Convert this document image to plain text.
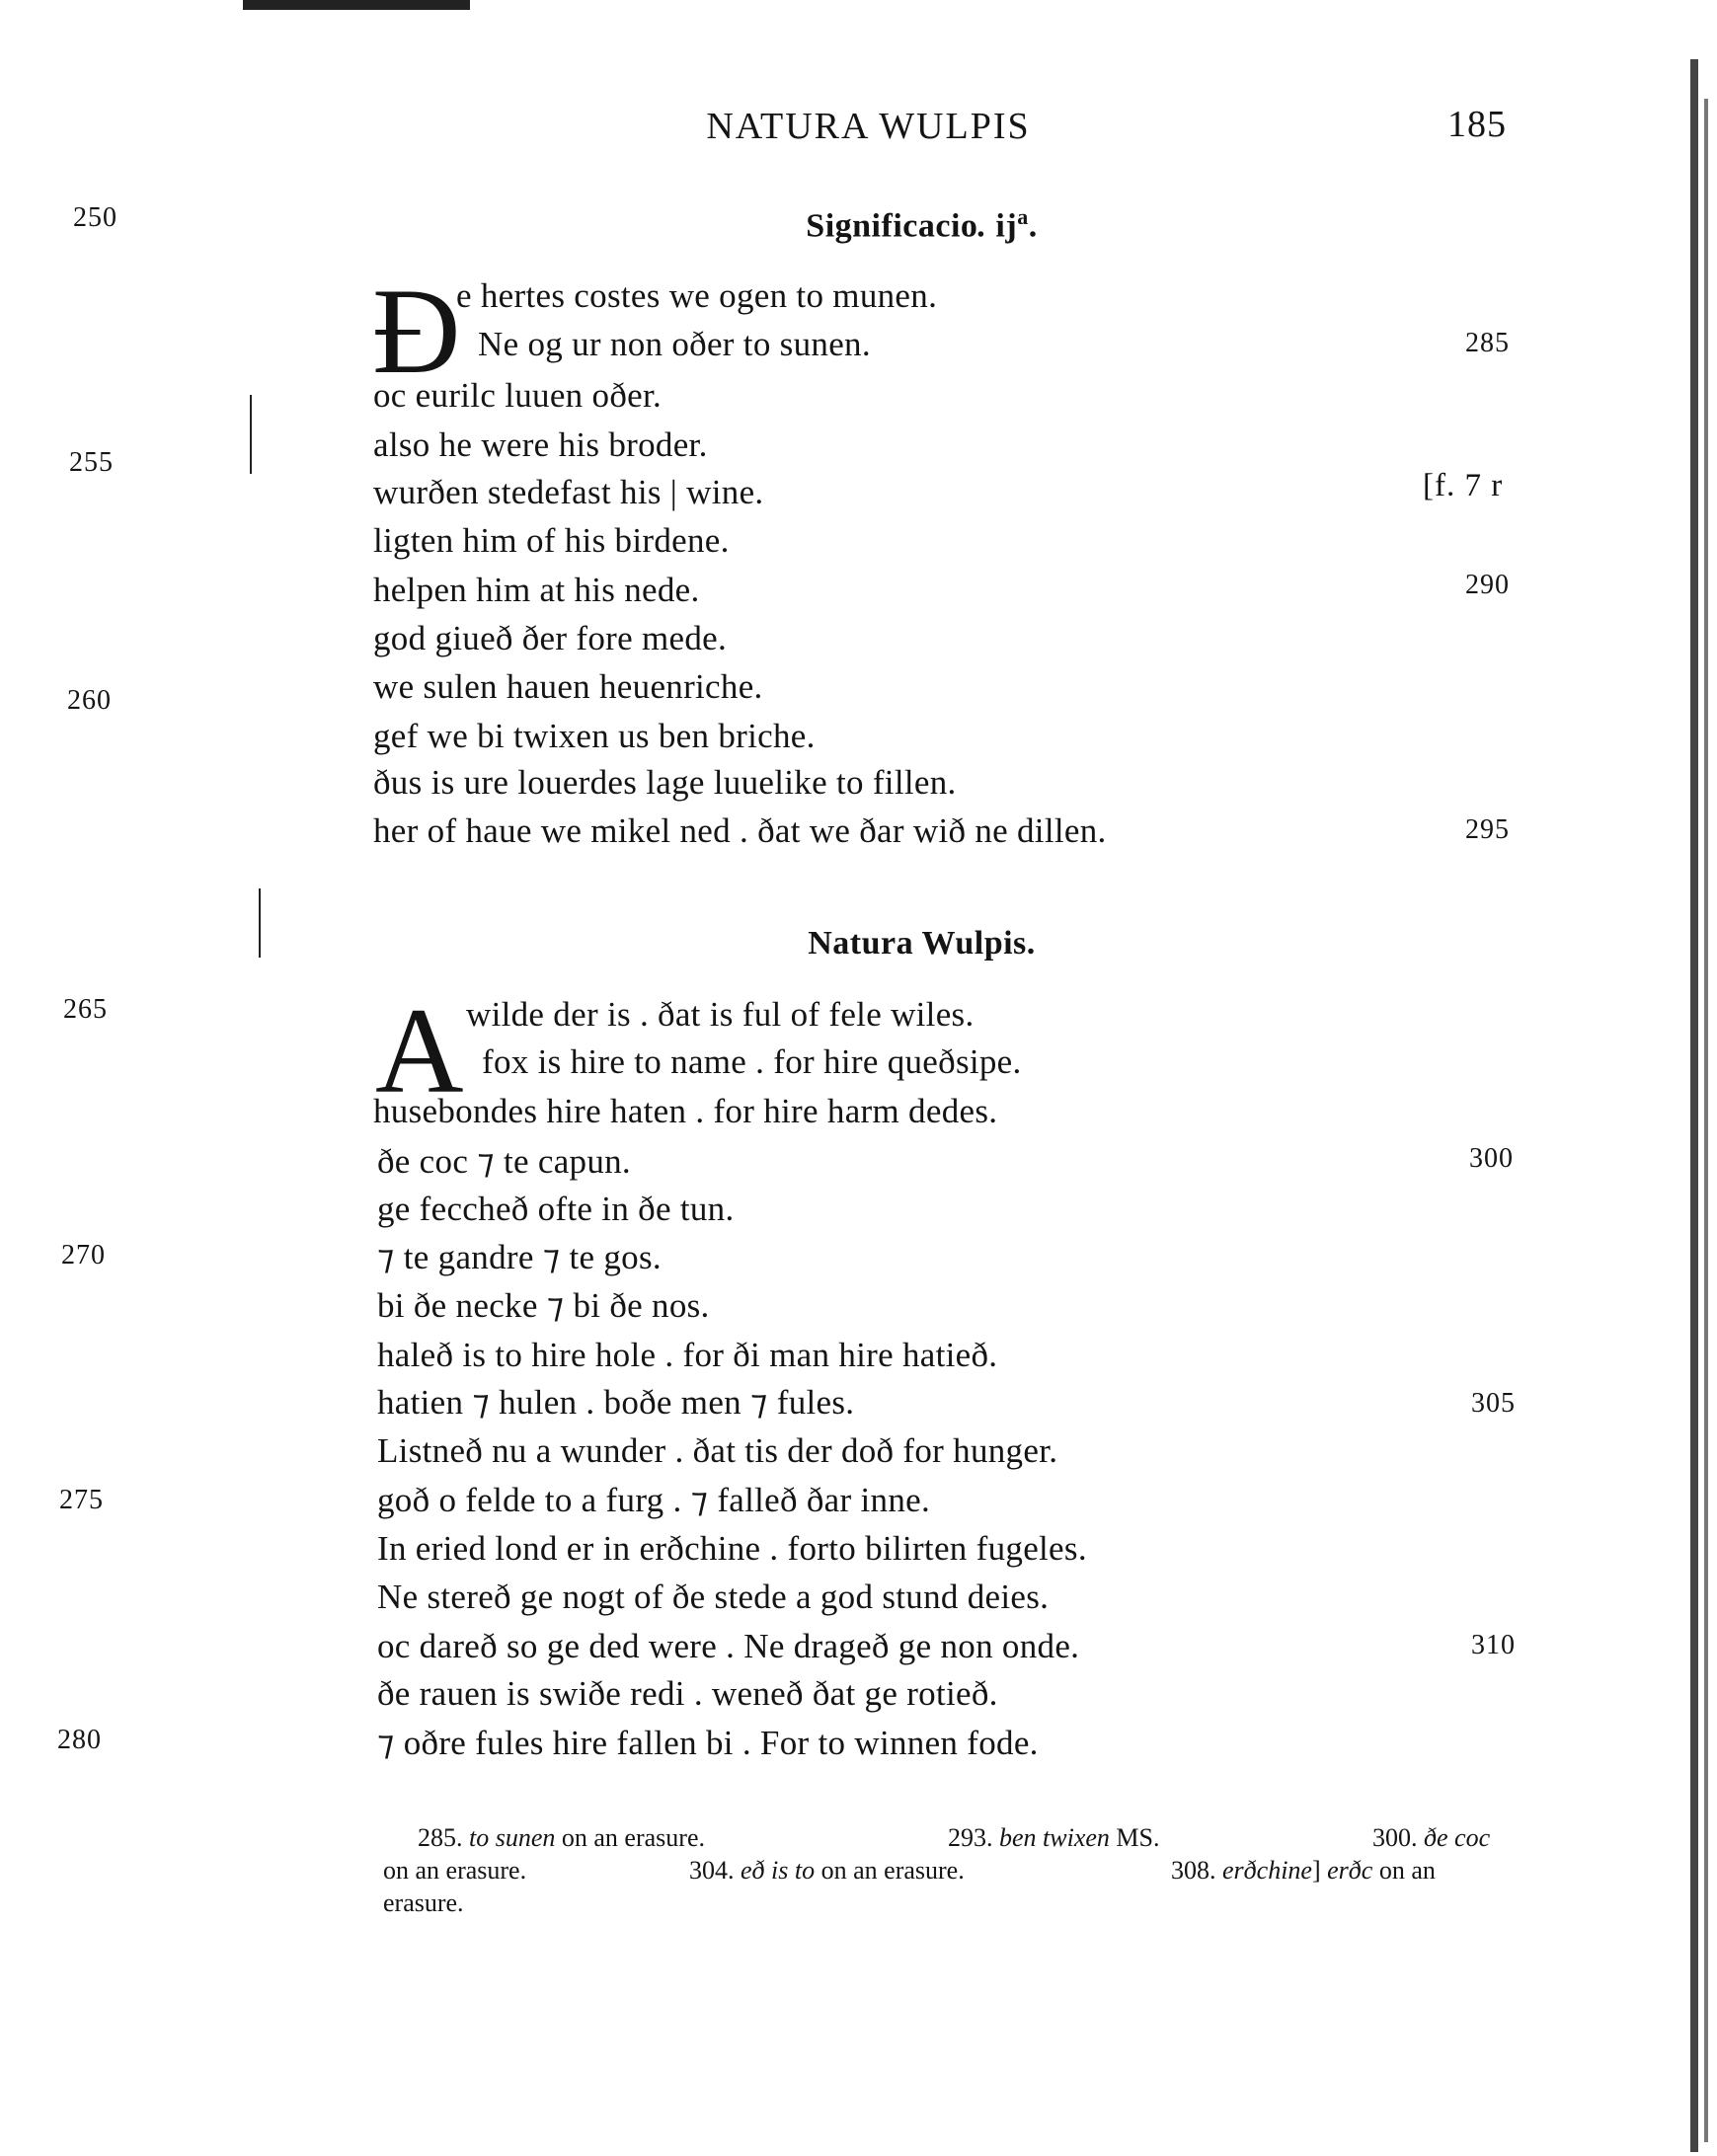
NATURA WULPIS	185
Significacio. $ij^a$.
Ð
e hertes costes we ogen to munen.
Ne og ur non oðer to sunen.
oc eurilc luuen oðer.
also he were his broder.
wurðen stedefast his | wine.
ligten him of his birdene.
helpen him at his nede.
god giueð ðer fore mede.
we sulen hauen heuenriche.
gef we bi twixen us ben briche.
ðus is ure louerdes lage luuelike to fillen.
her of haue we mikel ned . ðat we ðar wið ne dillen.
Natura Wulpis.
A wilde der is . ðat is ful of fele wiles.
fox is hire to name . for hire queðsipe.
husebondes hire haten . for hire harm dedes.
ðe coc ⁊ te capun.
ge feccheð ofte in ðe tun.
⁊ te gandre ⁊ te gos.
bi ðe necke ⁊ bi ðe nos.
haleð is to hire hole . for ði man hire hatieð.
hatien ⁊ hulen . boðe men ⁊ fules.
Listneð nu a wunder . ðat tis der doð for hunger.
goð o felde to a furg . ⁊ falleð ðar inne.
In eried lond er in erðchine . forto bilirten fugeles.
Ne stereð ge nogt of ðe stede a god stund deies.
oc dareð so ge ded were . Ne drageð ge non onde.
ðe rauen is swiðe redi . weneð ðat ge rotieð.
⁊ oðre fules hire fallen bi . For to winnen fode.
250
255
260
265
270
275
280
285
290
295
300
305
310
[f. 7 r
285. to sunen on an erasure.	293. ben twixen MS.	300. ðe coc
on an erasure.	304. eð is to on an erasure.	308. erðchine] erðc on an
erasure.
